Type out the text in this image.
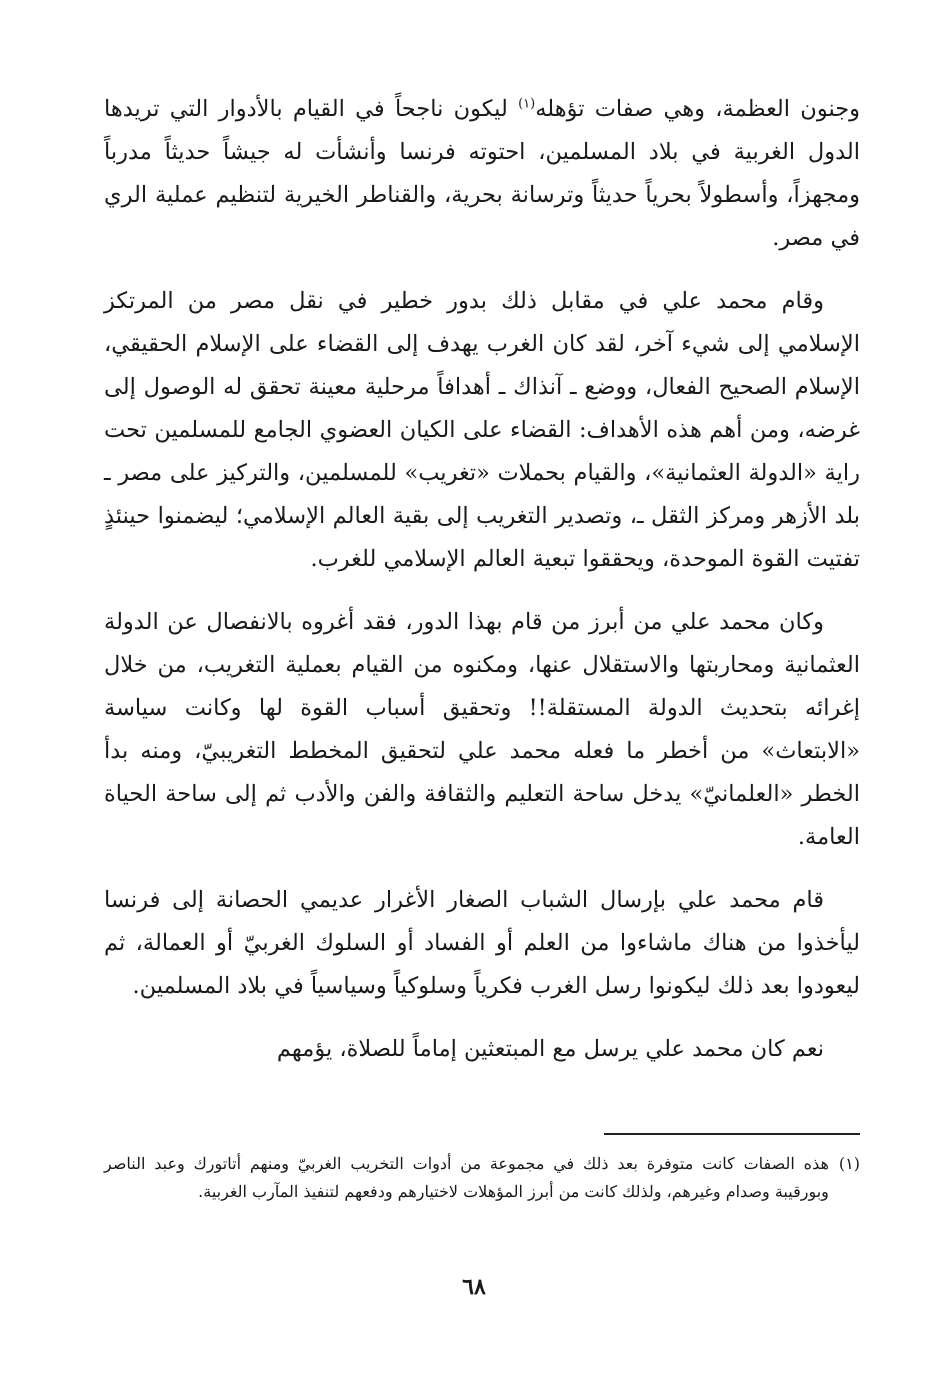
وجنون العظمة، وهي صفات تؤهله$^{(١)}$ ليكون ناجحاً في القيام بالأدوار التي تريدها الدول الغربية في بلاد المسلمين، احتوته فرنسا وأنشأت له جيشاً حديثاً مدرباً ومجهزاً، وأسطولاً بحرياً حديثاً وترسانة بحرية، والقناطر الخيرية لتنظيم عملية الري في مصر.

وقام محمد علي في مقابل ذلك بدور خطير في نقل مصر من المرتكز الإسلامي إلى شيء آخر، لقد كان الغرب يهدف إلى القضاء على الإسلام الحقيقي، الإسلام الصحيح الفعال، ووضع ـ آنذاك ـ أهدافاً مرحلية معينة تحقق له الوصول إلى غرضه، ومن أهم هذه الأهداف: القضاء على الكيان العضوي الجامع للمسلمين تحت راية «الدولة العثمانية»، والقيام بحملات «تغريب» للمسلمين، والتركيز على مصر ـ بلد الأزهر ومركز الثقل ـ، وتصدير التغريب إلى بقية العالم الإسلامي؛ ليضمنوا حينئذٍ تفتيت القوة الموحدة، ويحققوا تبعية العالم الإسلامي للغرب.

وكان محمد علي من أبرز من قام بهذا الدور، فقد أغروه بالانفصال عن الدولة العثمانية ومحاربتها والاستقلال عنها، ومكنوه من القيام بعملية التغريب، من خلال إغرائه بتحديث الدولة المستقلة!! وتحقيق أسباب القوة لها وكانت سياسة «الابتعاث» من أخطر ما فعله محمد علي لتحقيق المخطط التغريبيّ، ومنه بدأ الخطر «العلمانيّ» يدخل ساحة التعليم والثقافة والفن والأدب ثم إلى ساحة الحياة العامة.

قام محمد علي بإرسال الشباب الصغار الأغرار عديمي الحصانة إلى فرنسا ليأخذوا من هناك ماشاءوا من العلم أو الفساد أو السلوك الغربيّ أو العمالة، ثم ليعودوا بعد ذلك ليكونوا رسل الغرب فكرياً وسلوكياً وسياسياً في بلاد المسلمين.

نعم كان محمد علي يرسل مع المبتعثين إماماً للصلاة، يؤمهم

(١)
هذه الصفات كانت متوفرة بعد ذلك في مجموعة من أدوات التخريب الغربيّ ومنهم أتاتورك وعبد الناصر وبورقيبة وصدام وغيرهم، ولذلك كانت من أبرز المؤهلات لاختيارهم ودفعهم لتنفيذ المآرب الغربية.
٦٨
